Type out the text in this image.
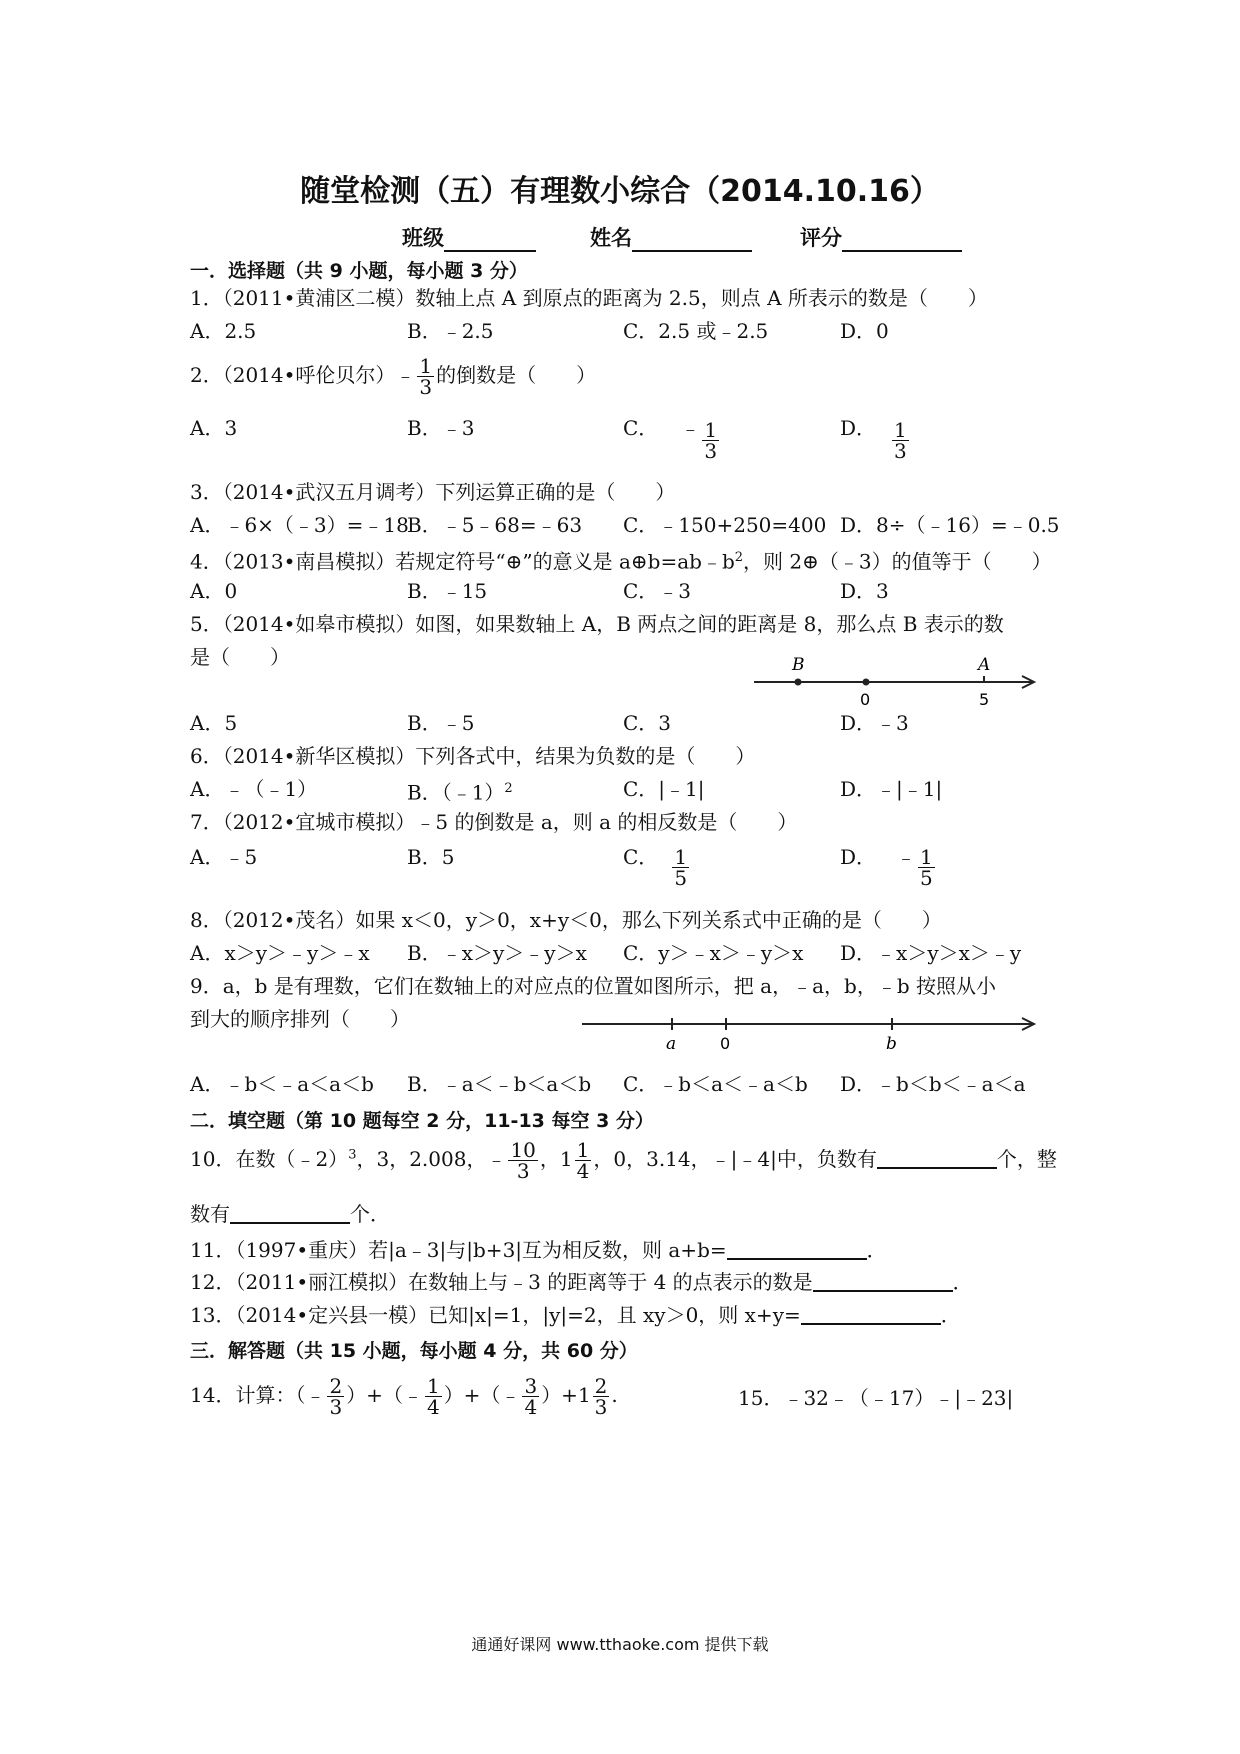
随堂检测（五）有理数小综合（2014.10.16）
班级	姓名	评分
一．选择题（共 9 小题，每小题 3 分）
1．（2011•黄浦区二模）数轴上点 A 到原点的距离为 2.5，则点 A 所表示的数是（　　）
A．2.5	B．﹣2.5	C．2.5 或﹣2.5	D．0
2．（2014•呼伦贝尔）﹣ $\frac{1}{3}$ 的倒数是（　　）
A．3	B．﹣3	C． ﹣ $\frac{1}{3}$	D． $\frac{1}{3}$
3．（2014•武汉五月调考）下列运算正确的是（　　）
A．﹣6×（﹣3）=﹣18
B．﹣5﹣68=﹣63 C．﹣150+250=400 D．8÷（﹣16）=﹣0.5
4．（2013•南昌模拟）若规定符号“⊕”的意义是 $a\oplus b=ab﹣b^2$，则 2⊕（﹣3）的值等于（　　）
A．0	B．﹣15	C．﹣3	D．3
5．（2014•如皋市模拟）如图，如果数轴上 A，B 两点之间的距离是 8，那么点 B 表示的数
是（　　）	B	A
0	5
A．5	B．﹣5	C．3	D．﹣3
6．（2014•新华区模拟）下列各式中，结果为负数的是（　　）
A．﹣（﹣1）	B．（﹣1）$^2$	C．|﹣1|	D．﹣|﹣1|
7．（2012•宜城市模拟）﹣5 的倒数是 a，则 a 的相反数是（　　）
A．﹣5	B．5	C． $\frac{1}{5}$	D． ﹣ $\frac{1}{5}$
8．（2012•茂名）如果 x＜0，y＞0，x+y＜0，那么下列关系式中正确的是（　　）
A．x＞y＞﹣y＞﹣x B．﹣x＞y＞﹣y＞x C．y＞﹣x＞﹣y＞x D．﹣x＞y＞x＞﹣y
9．a，b 是有理数，它们在数轴上的对应点的位置如图所示，把 a，﹣a，b，﹣b 按照从小
到大的顺序排列（　　）
a	0	b
A．﹣b＜﹣a＜a＜b B．﹣a＜﹣b＜a＜b C．﹣b＜a＜﹣a＜b D．﹣b＜b＜﹣a＜a
二．填空题（第 10 题每空 2 分，11-13 每空 3 分）
10．在数（﹣2）$^3$，3，2.008，﹣ $\frac{10}{3}$ ，$1 \frac{1}{4}$ ，0，3.14，﹣|﹣4|中，负数有	个，整
数有	个．
11．（1997•重庆）若|a﹣3|与|b+3|互为相反数，则 a+b=	．
12．（2011•丽江模拟）在数轴上与﹣3 的距离等于 4 的点表示的数是	．
13．（2014•定兴县一模）已知|x|=1，|y|=2，且 xy＞0，则 x+y=	．
三．解答题（共 15 小题，每小题 4 分，共 60 分）
14．计算：（﹣ $\frac{2}{3}$ ）+（﹣ $\frac{1}{4}$ ）+（﹣ $\frac{3}{4} )+1 \frac{2}{3}$ .	15．﹣32﹣（﹣17）﹣|﹣23|
通通好课网 www.tthaoke.com 提供下载
